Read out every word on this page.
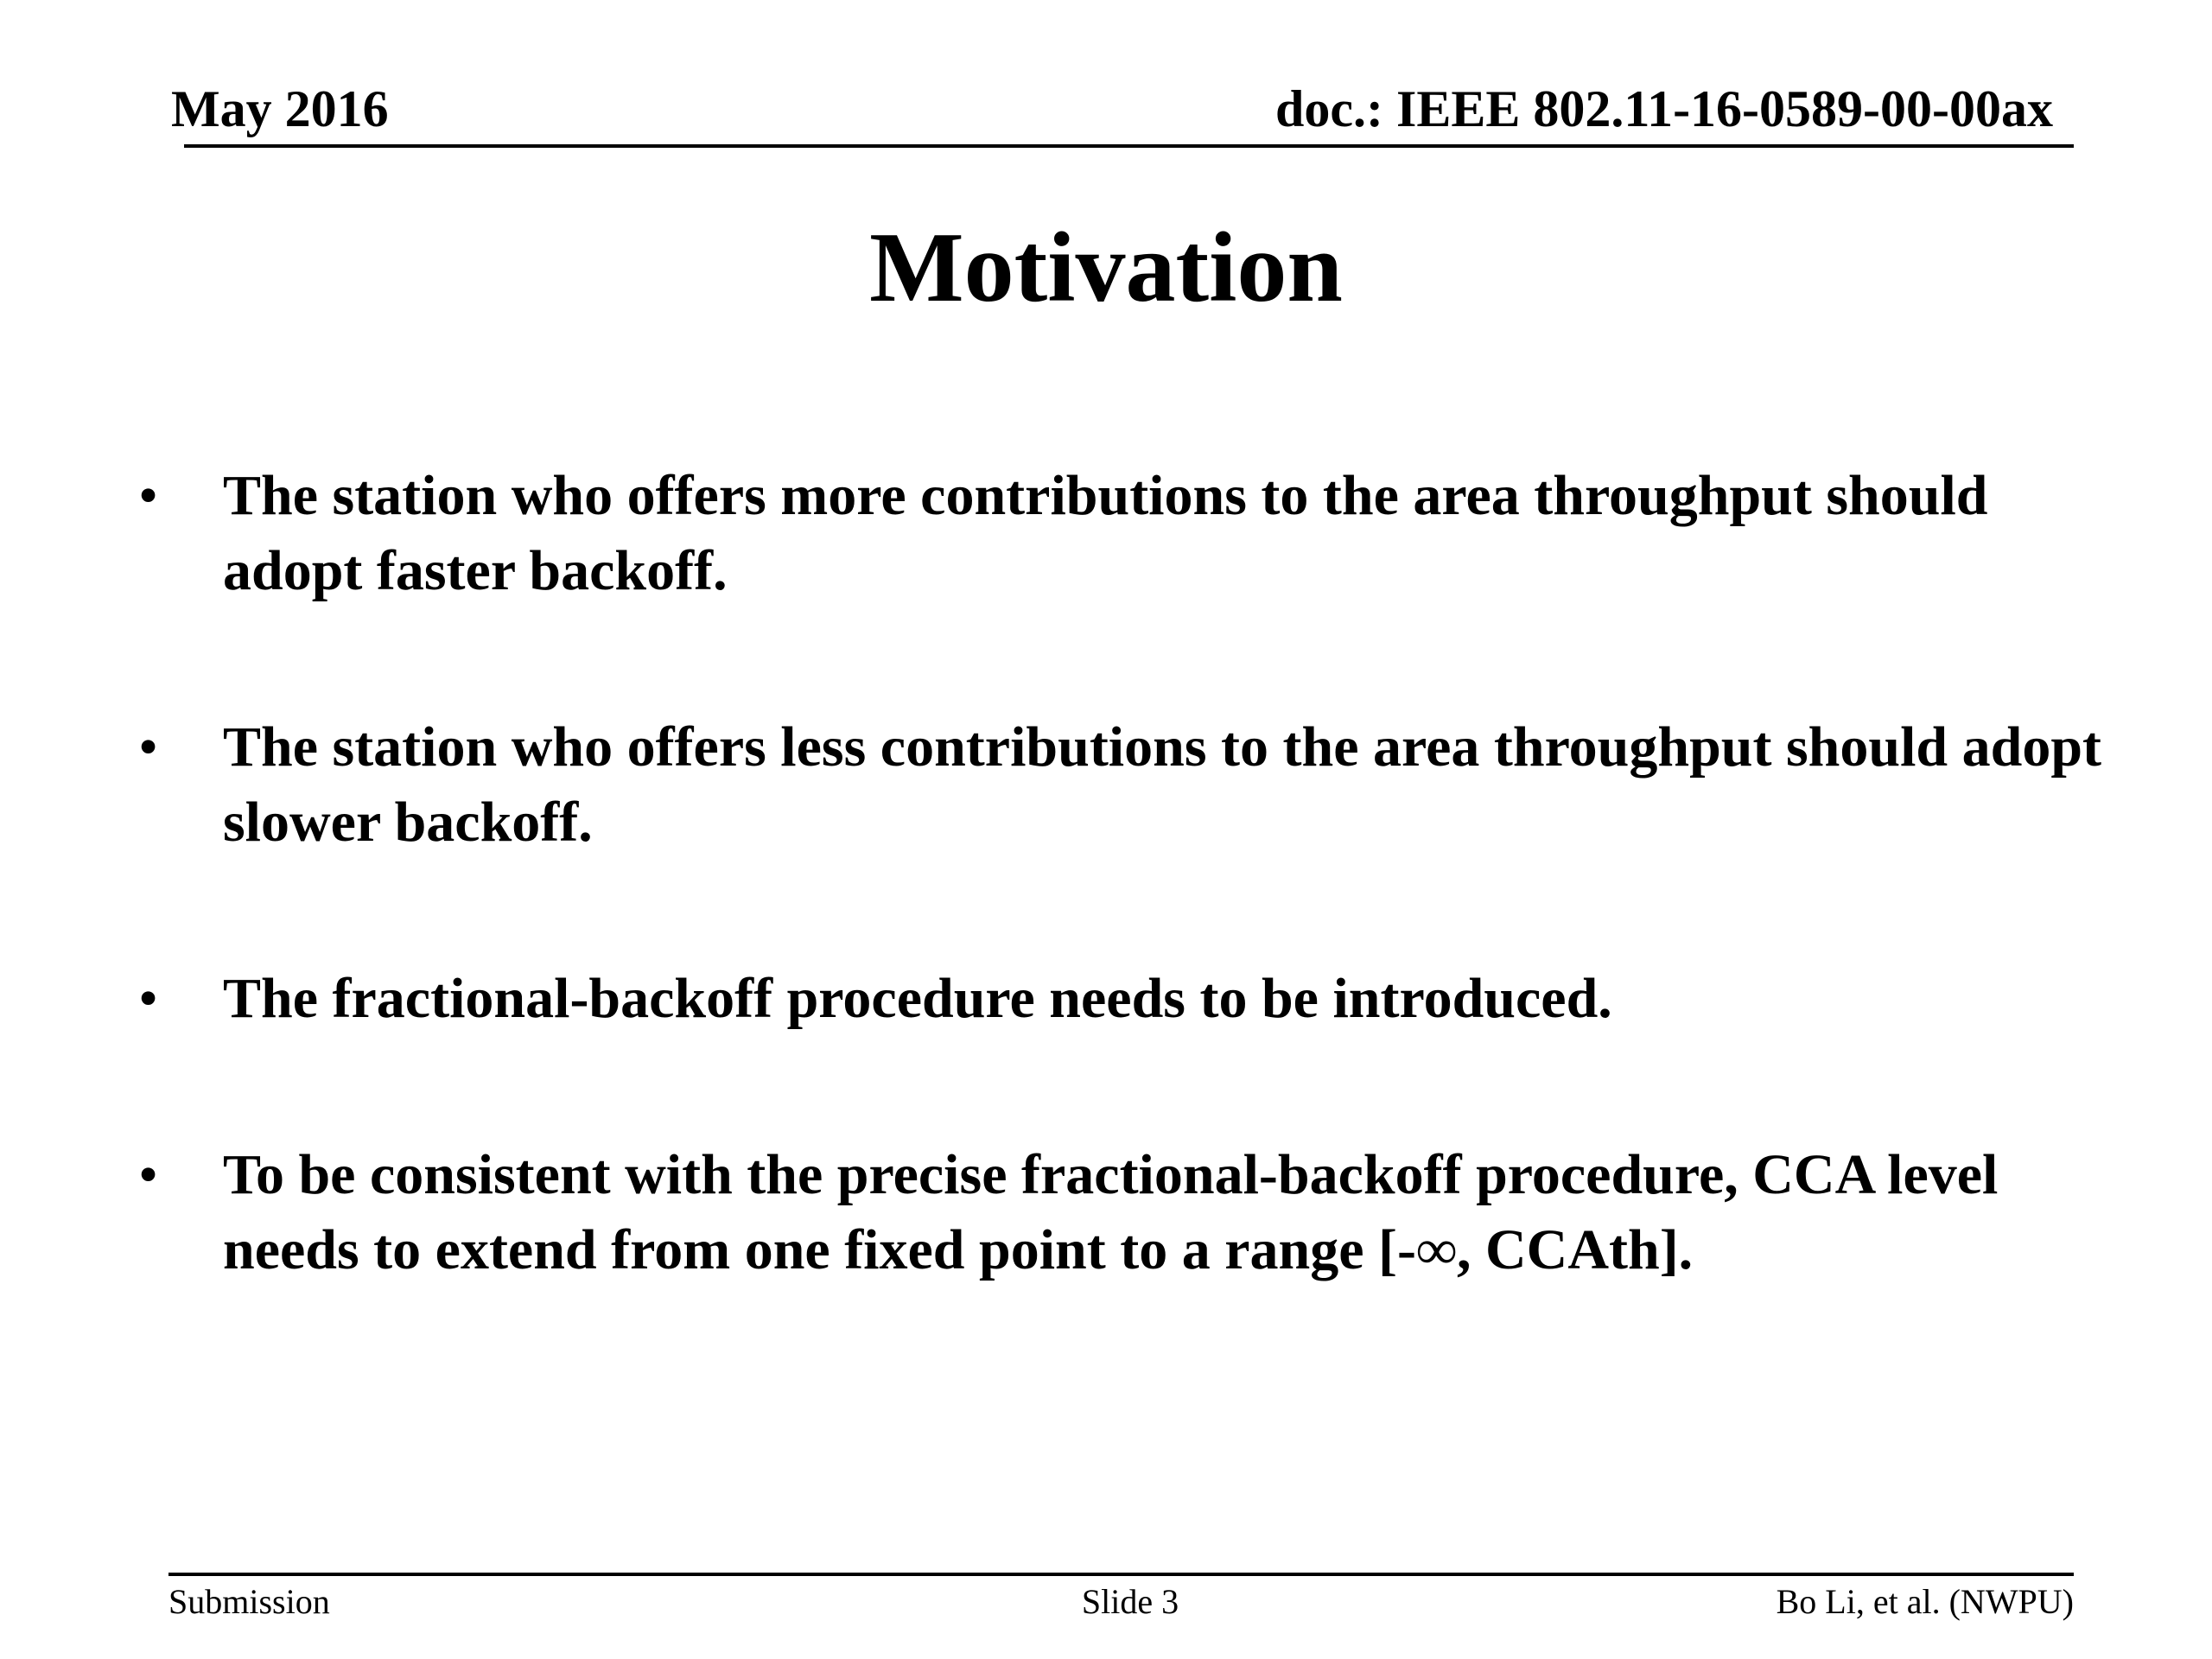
May 2016	doc.: IEEE 802.11-16-0589-00-00ax
Motivation
• The station who offers more contributions to the area throughput should adopt faster backoff.
• The station who offers less contributions to the area throughput should adopt slower backoff.
• The fractional-backoff procedure needs to be introduced.
• To be consistent with the precise fractional-backoff procedure, CCA level needs to extend from one fixed point to a range [-∞, CCAth].
Submission	Slide 3	Bo Li, et al. (NWPU)
